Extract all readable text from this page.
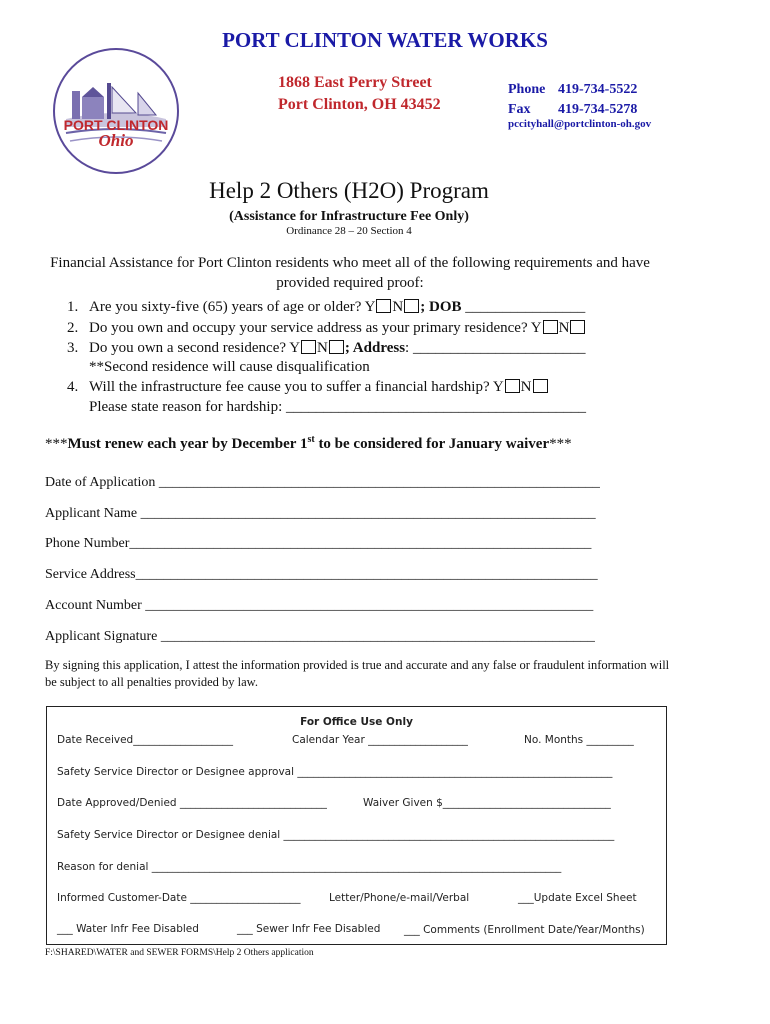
PORT CLINTON WATER WORKS
PORT CLINTON
Ohio
1868 East Perry Street
Port Clinton, OH 43452
Phone 419-734-5522
Fax 419-734-5278
pccityhall@portclinton-oh.gov
Help 2 Others (H2O) Program
(Assistance for Infrastructure Fee Only)
Ordinance 28 – 20 Section 4
Financial Assistance for Port Clinton residents who meet all of the following requirements and have provided required proof:
1. Are you sixty-five (65) years of age or older? Y N ; DOB ________________
2. Do you own and occupy your service address as your primary residence? Y N
3. Do you own a second residence? Y N ; Address: _______________________
**Second residence will cause disqualification
4. Will the infrastructure fee cause you to suffer a financial hardship? Y N
Please state reason for hardship: ________________________________________
***Must renew each year by December 1st to be considered for January waiver***
Date of Application _______________________________________________________________
Applicant Name _________________________________________________________________
Phone Number__________________________________________________________________
Service Address__________________________________________________________________
Account Number ________________________________________________________________
Applicant Signature ______________________________________________________________
By signing this application, I attest the information provided is true and accurate and any false or fraudulent information will be subject to all penalties provided by law.
For Office Use Only
Date Received___________________	Calendar Year ___________________	No. Months _________
Safety Service Director or Designee approval ____________________________________________________________
Date Approved/Denied ____________________________	Waiver Given $________________________________
Safety Service Director or Designee denial _______________________________________________________________
Reason for denial ______________________________________________________________________________
Informed Customer-Date _____________________	Letter/Phone/e-mail/Verbal	___Update Excel Sheet
___ Water Infr Fee Disabled	___ Sewer Infr Fee Disabled ___ Comments (Enrollment Date/Year/Months)
F:\SHARED\WATER and SEWER FORMS\Help 2 Others application
